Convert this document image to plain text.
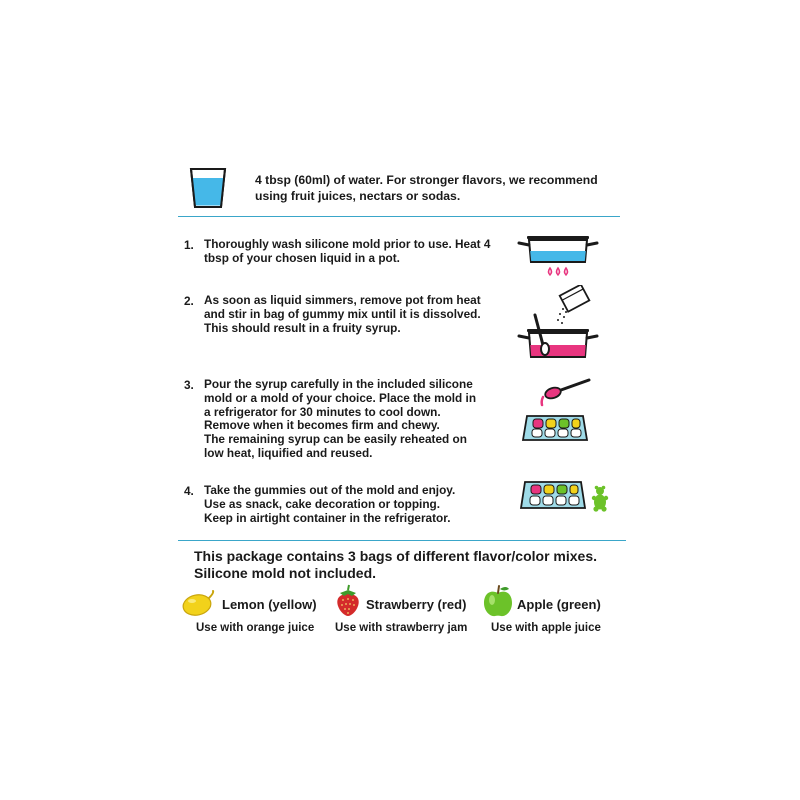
4 tbsp (60ml) of water. For stronger flavors, we recommend
using fruit juices, nectars or sodas.
1. Thoroughly wash silicone mold prior to use. Heat 4
tbsp of your chosen liquid in a pot.
2. As soon as liquid simmers, remove pot from heat
and stir in bag of gummy mix until it is dissolved.
This should result in a fruity syrup.
3. Pour the syrup carefully in the included silicone
mold or a mold of your choice. Place the mold in
a refrigerator for 30 minutes to cool down.
Remove when it becomes firm and chewy.
The remaining syrup can be easily reheated on
low heat, liquified and reused.
4. Take the gummies out of the mold and enjoy.
Use as snack, cake decoration or topping.
Keep in airtight container in the refrigerator.
This package contains 3 bags of different flavor/color mixes.
Silicone mold not included.
Lemon (yellow)
Use with orange juice
Strawberry (red)
Use with strawberry jam
Apple (green)
Use with apple juice
